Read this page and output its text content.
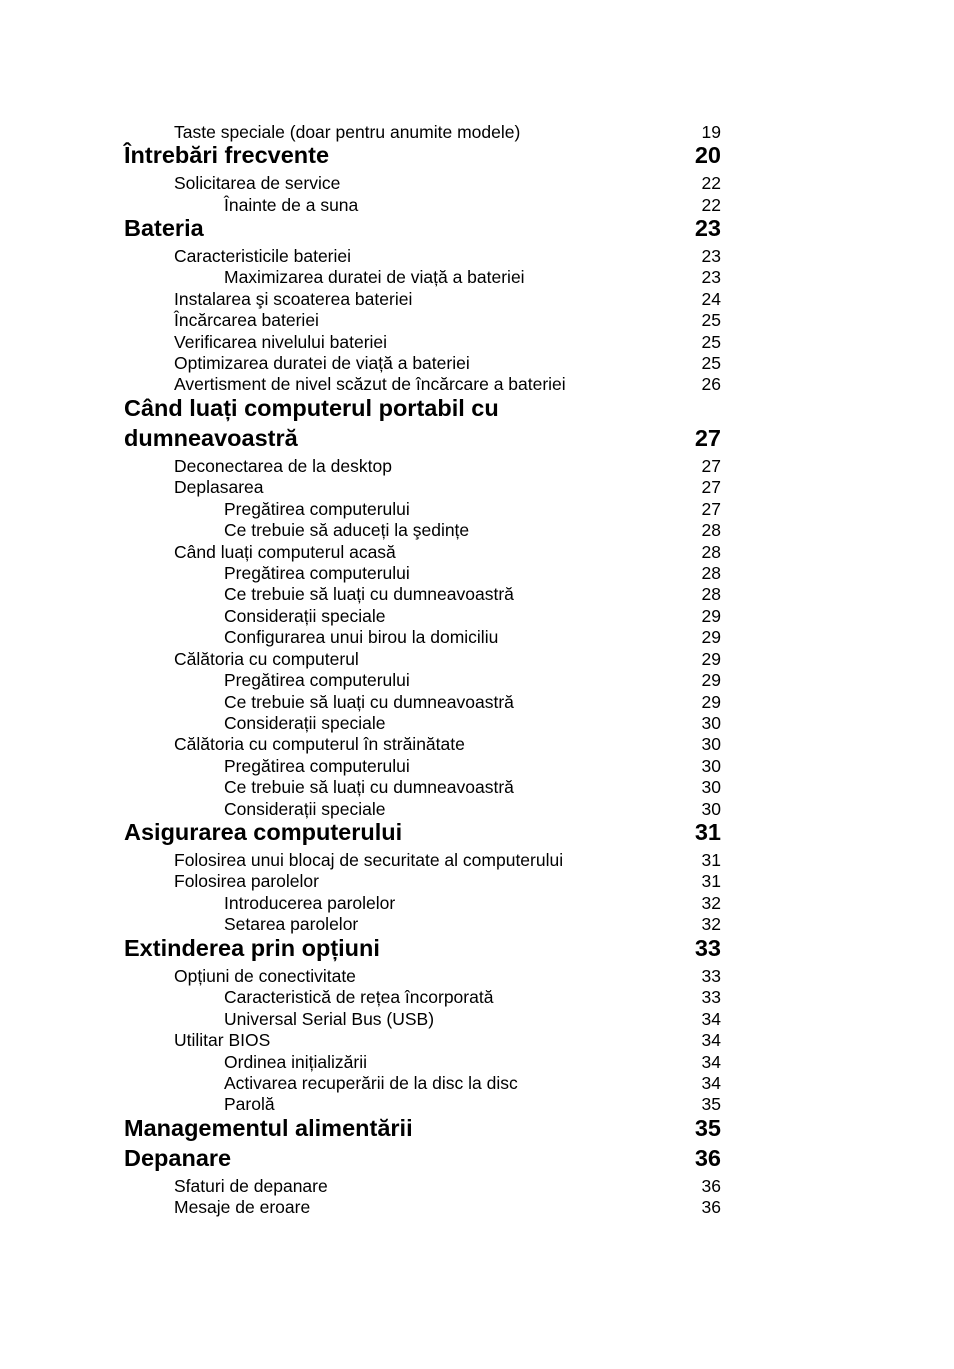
Taste speciale (doar pentru anumite modele)	19
Întrebări frecvente	20
Solicitarea de service	22
Înainte de a suna	22
Bateria	23
Caracteristicile bateriei	23
Maximizarea duratei de viață a bateriei	23
Instalarea şi scoaterea bateriei	24
Încărcarea bateriei	25
Verificarea nivelului bateriei	25
Optimizarea duratei de viață a bateriei	25
Avertisment de nivel scăzut de încărcare a bateriei	26
Când luați computerul portabil cu
dumneavoastră	27
Deconectarea de la desktop	27
Deplasarea	27
Pregătirea computerului	27
Ce trebuie să aduceți la şedințe	28
Când luați computerul acasă	28
Pregătirea computerului	28
Ce trebuie să luați cu dumneavoastră	28
Considerații speciale	29
Configurarea unui birou la domiciliu	29
Călătoria cu computerul	29
Pregătirea computerului	29
Ce trebuie să luați cu dumneavoastră	29
Considerații speciale	30
Călătoria cu computerul în străinătate	30
Pregătirea computerului	30
Ce trebuie să luați cu dumneavoastră	30
Considerații speciale	30
Asigurarea computerului	31
Folosirea unui blocaj de securitate al computerului	31
Folosirea parolelor	31
Introducerea parolelor	32
Setarea parolelor	32
Extinderea prin opțiuni	33
Opțiuni de conectivitate	33
Caracteristică de rețea încorporată	33
Universal Serial Bus (USB)	34
Utilitar BIOS	34
Ordinea inițializării	34
Activarea recuperării de la disc la disc	34
Parolă	35
Managementul alimentării	35
Depanare	36
Sfaturi de depanare	36
Mesaje de eroare	36
